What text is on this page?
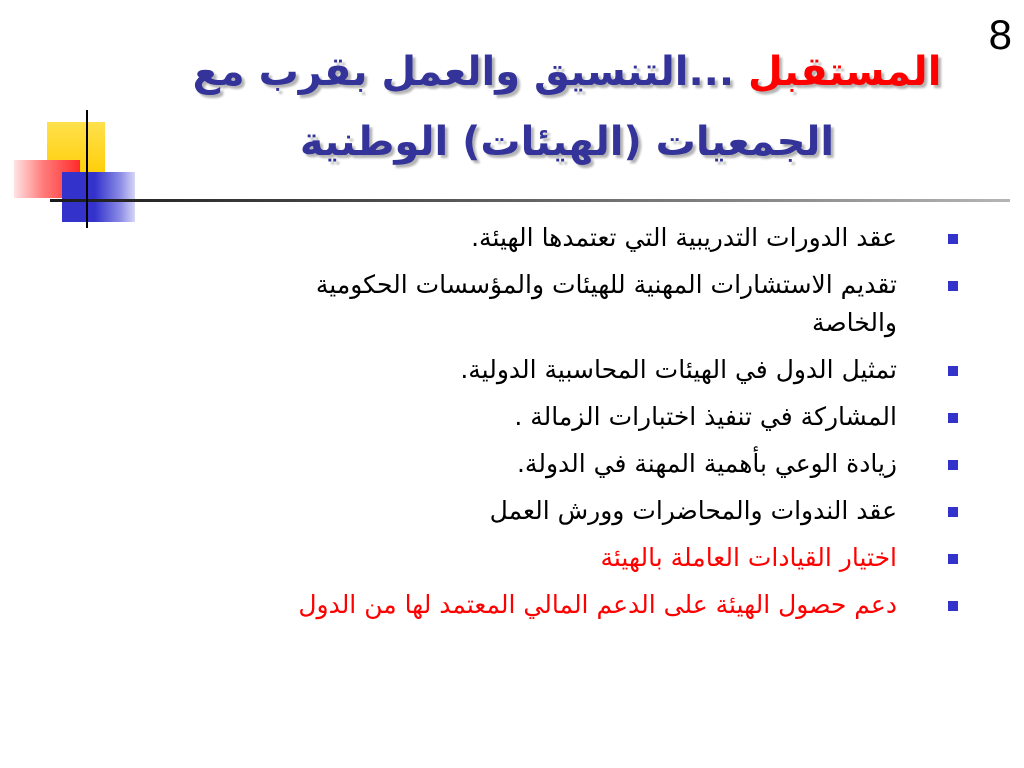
8
المستقبل ...التنسيق والعمل بقرب مع
الجمعيات (الهيئات) الوطنية
عقد الدورات التدريبية التي تعتمدها الهيئة.
تقديم الاستشارات المهنية للهيئات والمؤسسات الحكومية
والخاصة
تمثيل الدول في الهيئات المحاسبية الدولية.
المشاركة في تنفيذ اختبارات الزمالة .
زيادة الوعي بأهمية المهنة في الدولة.
عقد الندوات والمحاضرات وورش العمل
اختيار القيادات العاملة بالهيئة
دعم حصول الهيئة على الدعم المالي المعتمد لها من الدول
